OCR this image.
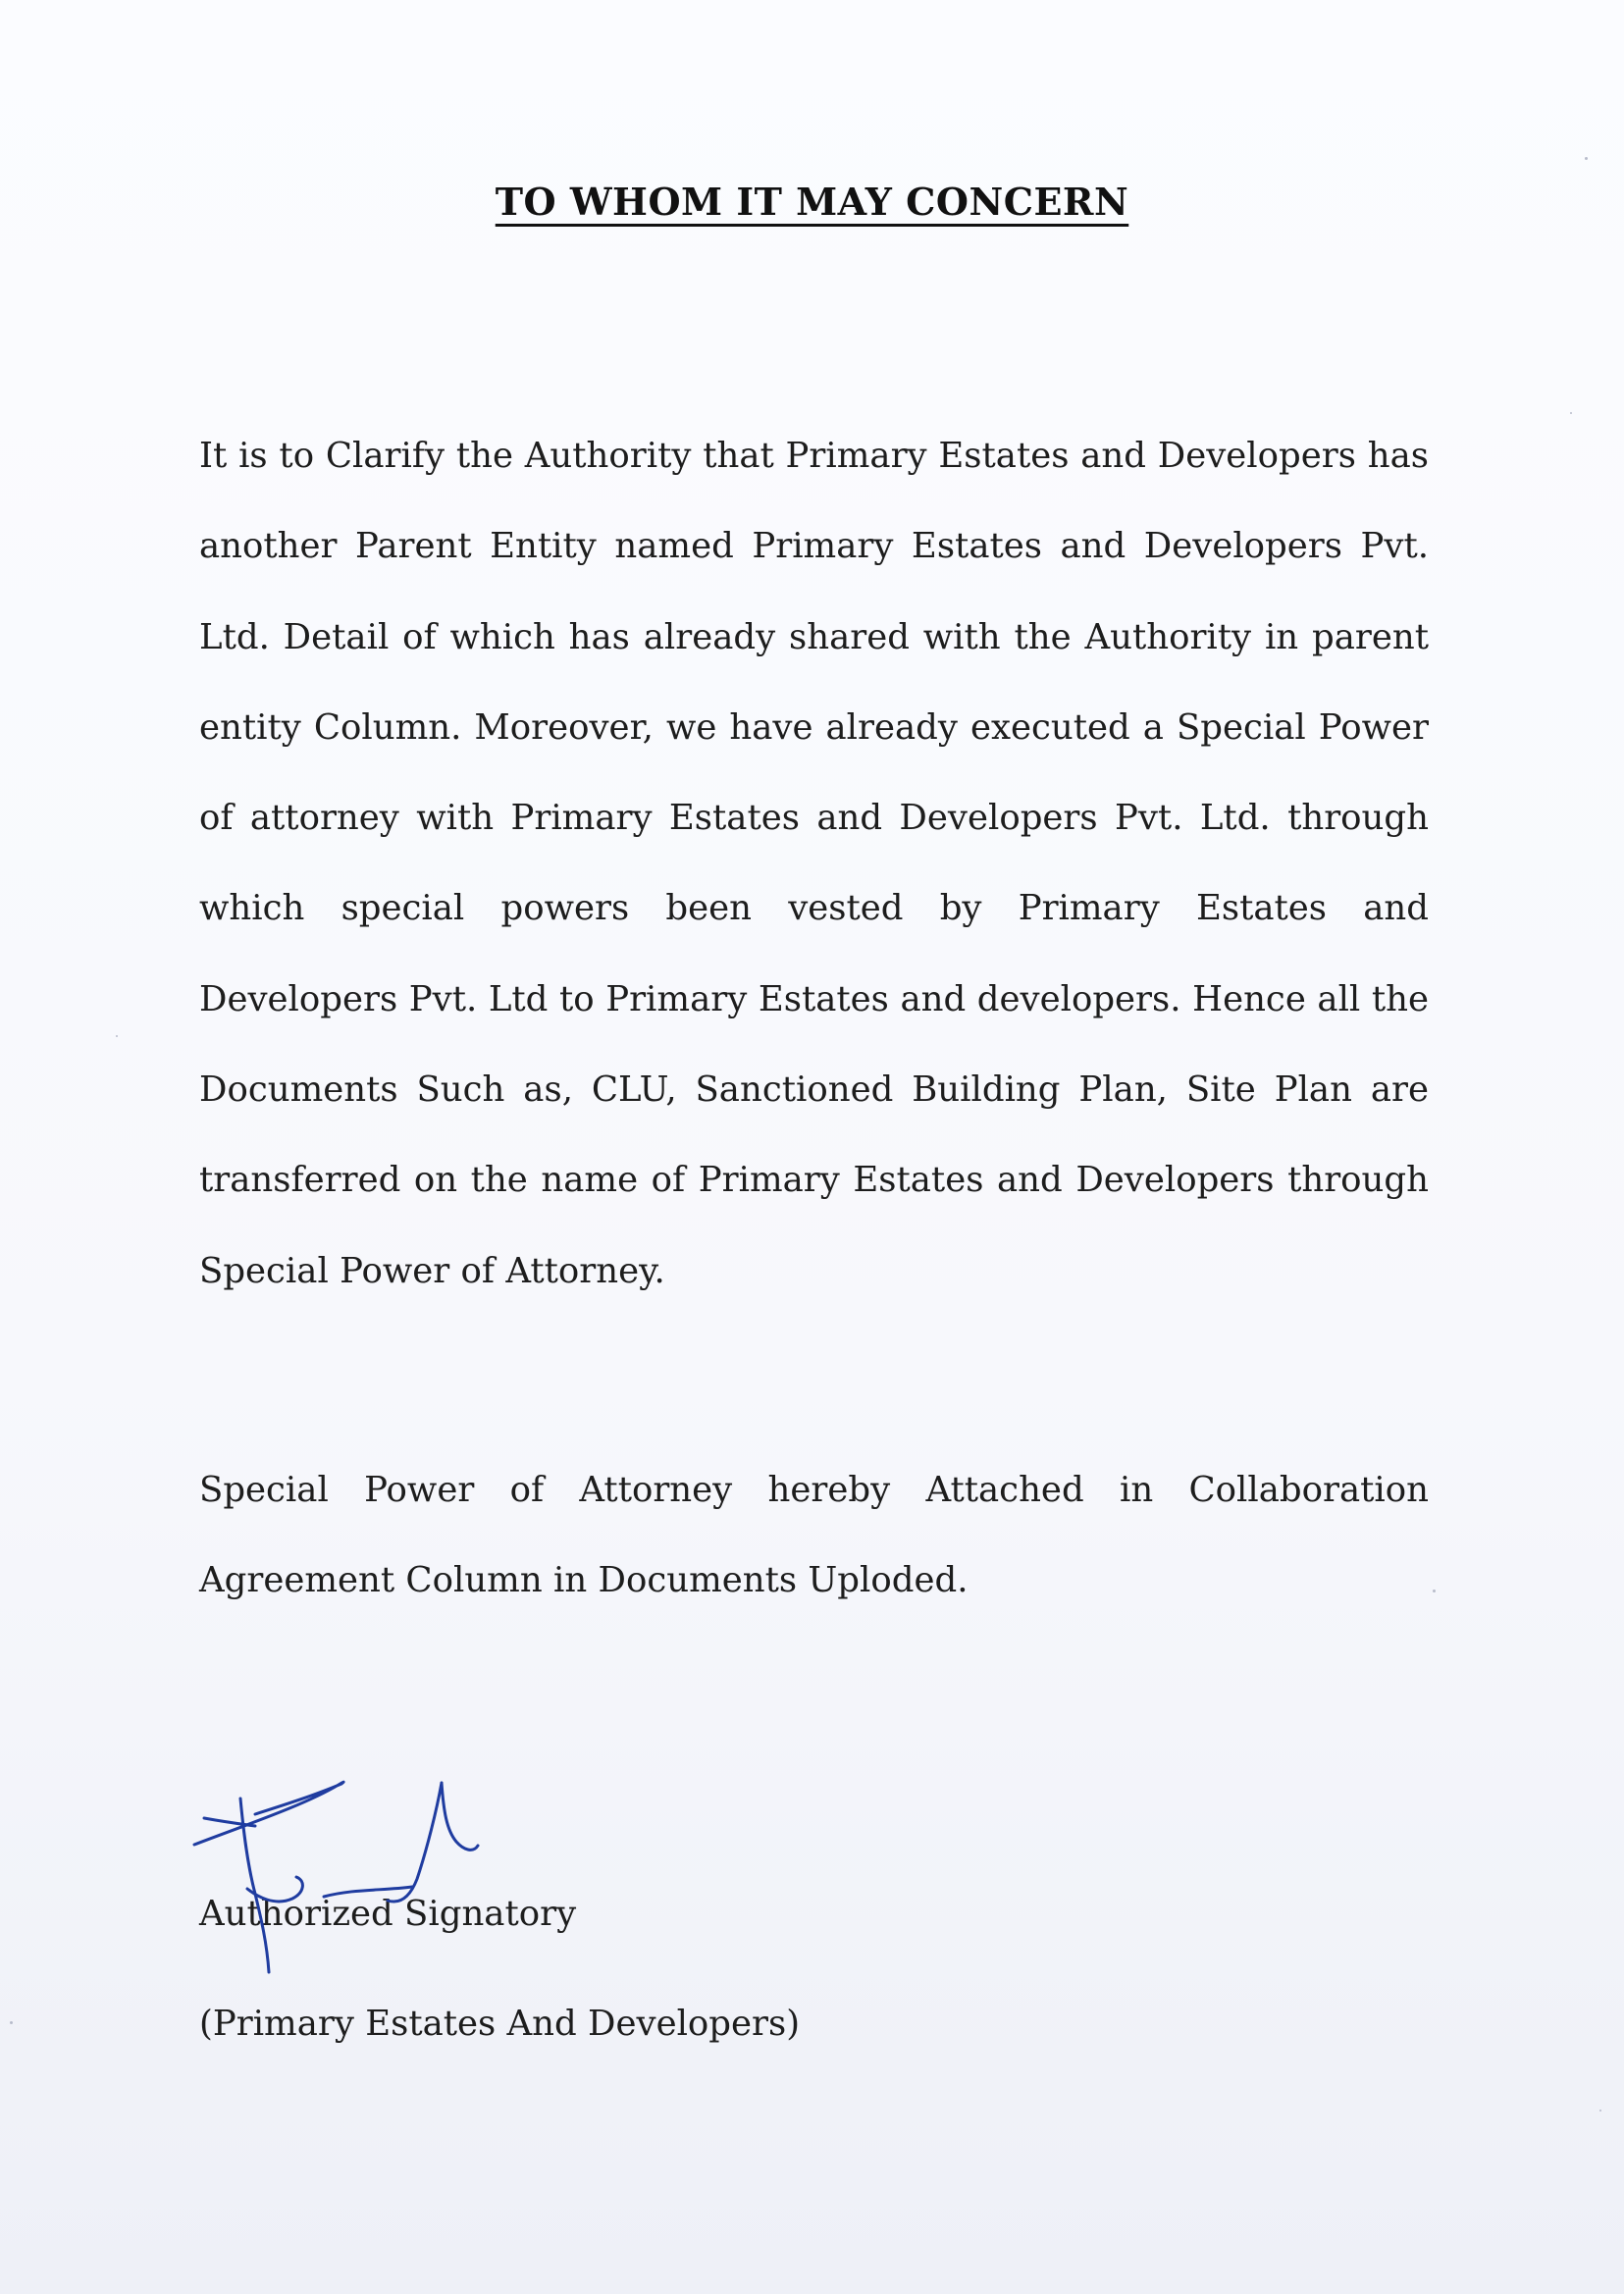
TO WHOM IT MAY CONCERN

It is to Clarify the Authority that Primary Estates and Developers has another Parent Entity named Primary Estates and Developers Pvt. Ltd. Detail of which has already shared with the Authority in parent entity Column. Moreover, we have already executed a Special Power of attorney with Primary Estates and Developers Pvt. Ltd. through which special powers been vested by Primary Estates and Developers Pvt. Ltd to Primary Estates and developers. Hence all the Documents Such as, CLU, Sanctioned Building Plan, Site Plan are transferred on the name of Primary Estates and Developers through Special Power of Attorney.

Special Power of Attorney hereby Attached in Collaboration Agreement Column in Documents Uploded.

Authorized Signatory
(Primary Estates And Developers)
